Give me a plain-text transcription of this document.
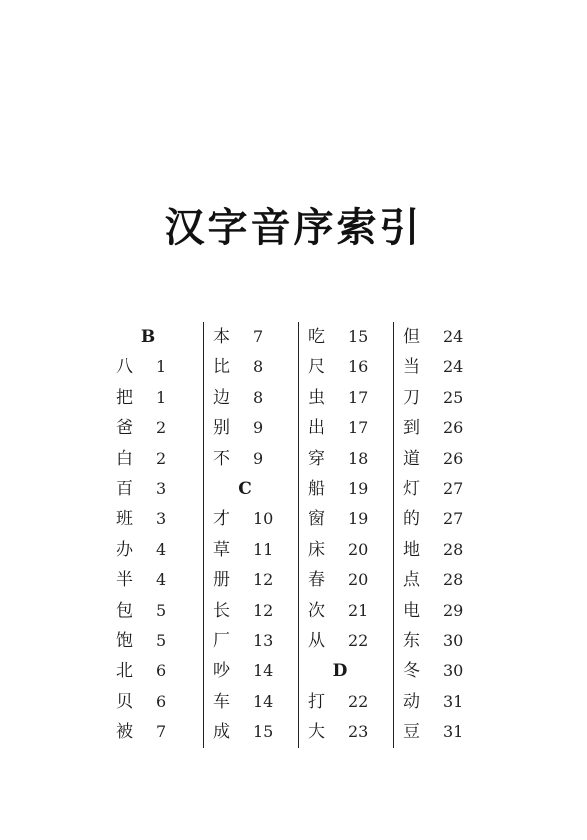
汉字音序索引
B
八	1
把	1
爸	2
白	2
百	3
班	3
办	4
半	4
包	5
饱	5
北	6
贝	6
被	7
本	7
比	8
边	8
别	9
不	9
C
才	10
草	11
册	12
长	12
厂	13
吵	14
车	14
成	15
吃	15
尺	16
虫	17
出	17
穿	18
船	19
窗	19
床	20
春	20
次	21
从	22
D
打	22
大	23
但	24
当	24
刀	25
到	26
道	26
灯	27
的	27
地	28
点	28
电	29
东	30
冬	30
动	31
豆	31
